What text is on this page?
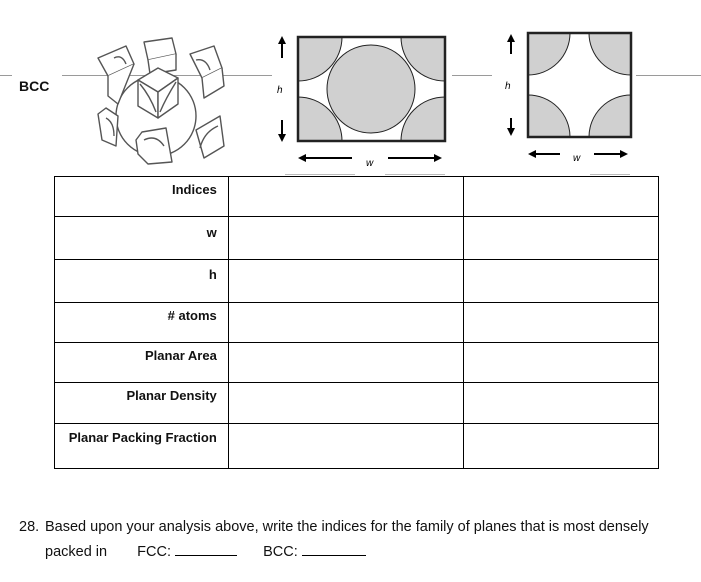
BCC	h
w
h
w
Indices		

w		

h		

# atoms		

Planar Area		

Planar Density		

Planar Packing Fraction		

28. Based upon your analysis above, write the indices for the family of planes that is most densely
packed in FCC:	BCC:
